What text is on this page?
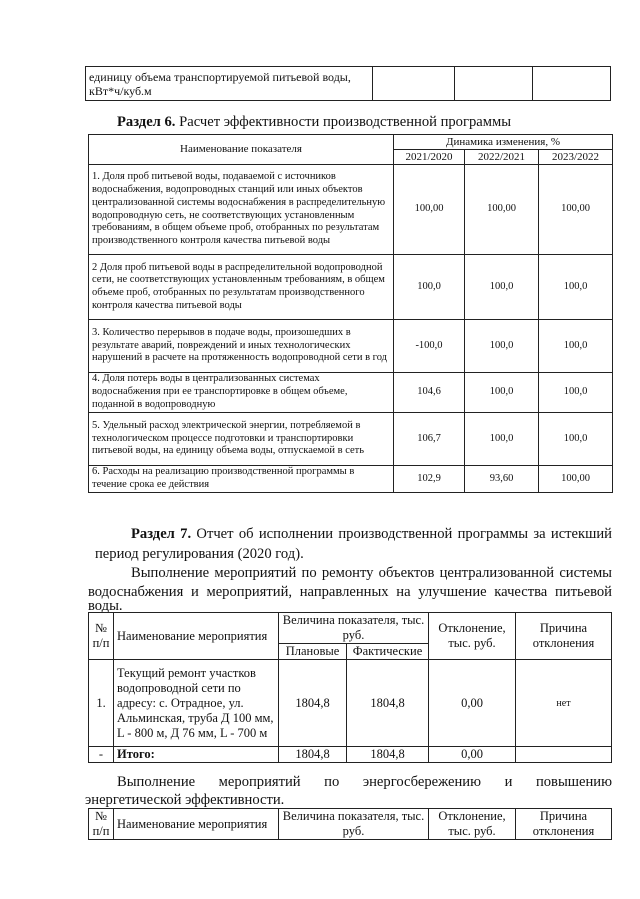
единицу объема транспортируемой питьевой воды, кВт*ч/куб.м			
Раздел 6. Расчет эффективности производственной программы
Наименование показателя	Динамика изменения, %		
	2021/2020	2022/2021	2023/2022
1. Доля проб питьевой воды, подаваемой с источников водоснабжения, водопроводных станций или иных объектов централизованной системы водоснабжения в распределительную водопроводную сеть, не соответствующих установленным требованиям, в общем объеме проб, отобранных по результатам производственного контроля качества питьевой воды	100,00	100,00	100,00
2 Доля проб питьевой воды в распределительной водопроводной сети, не соответствующих установленным требованиям, в общем объеме проб, отобранных по результатам производственного контроля качества питьевой воды	100,0	100,0	100,0
3. Количество перерывов в подаче воды, произошедших в результате аварий, повреждений и иных технологических нарушений в расчете на протяженность водопроводной сети в год	-100,0	100,0	100,0
4. Доля потерь воды в централизованных системах водоснабжения при ее транспортировке в общем объеме, поданной в водопроводную	104,6	100,0	100,0
5. Удельный расход электрической энергии, потребляемой в технологическом процессе подготовки и транспортировки питьевой воды, на единицу объема воды, отпускаемой в сеть	106,7	100,0	100,0
6. Расходы на реализацию производственной программы в течение срока ее действия	102,9	93,60	100,00
Раздел 7. Отчет об исполнении производственной программы за истекший
период регулирования (2020 год).
Выполнение мероприятий по ремонту объектов централизованной системы
водоснабжения и мероприятий, направленных на улучшение качества питьевой
воды.
№ п/п	Наименование мероприятия	Величина показателя, тыс. руб.		Отклонение, тыс. руб.	Причина отклонения
		Плановые	Фактические		
1.	Текущий ремонт участков водопроводной сети по адресу: с. Отрадное, ул. Альминская, труба Д 100 мм, L - 800 м, Д 76 мм, L - 700 м	1804,8	1804,8	0,00	нет
-	Итого:	1804,8	1804,8	0,00	
Выполнение мероприятий по энергосбережению и повышению
энергетической эффективности.
№ п/п	Наименование мероприятия	Величина показателя, тыс. руб.	Отклонение, тыс. руб.	Причина отклонения
